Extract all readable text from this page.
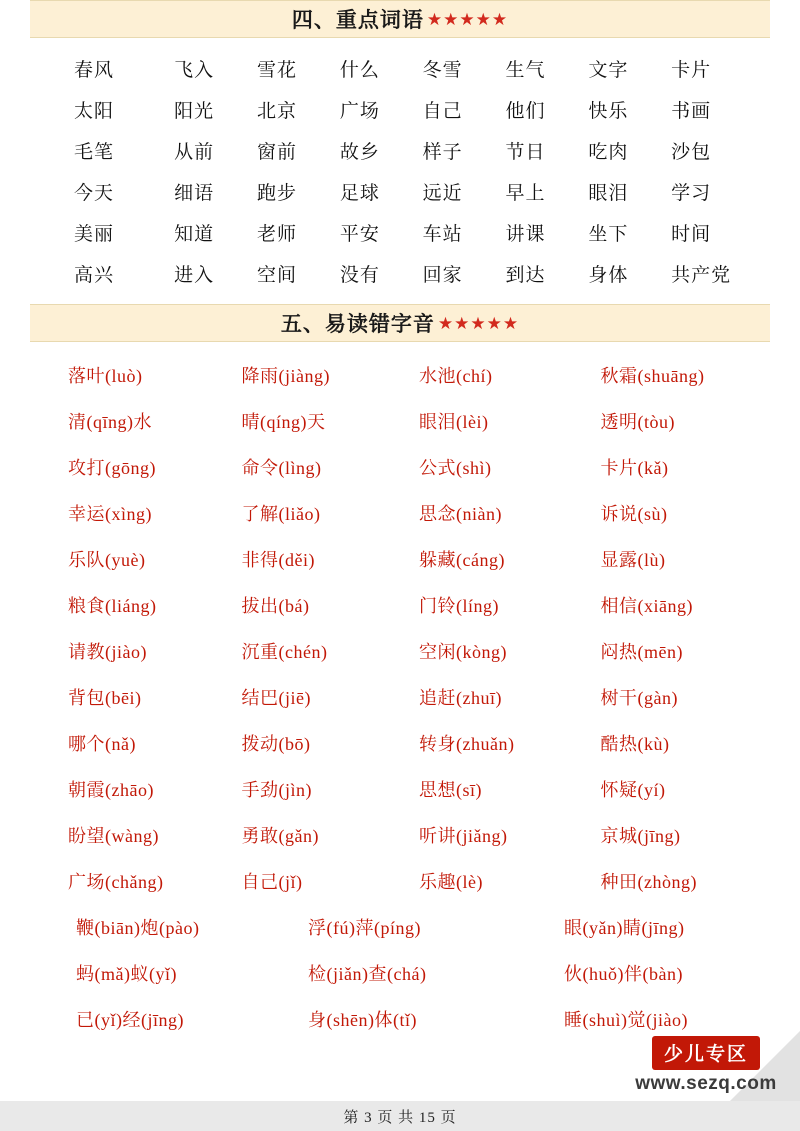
四、重点词语 ★★★★★
春风	飞入	雪花	什么	冬雪	生气	文字	卡片
太阳	阳光	北京	广场	自己	他们	快乐	书画
毛笔	从前	窗前	故乡	样子	节日	吃肉	沙包
今天	细语	跑步	足球	远近	早上	眼泪	学习
美丽	知道	老师	平安	车站	讲课	坐下	时间
高兴	进入	空间	没有	回家	到达	身体	共产党
五、易读错字音 ★★★★★
落叶(luò)	降雨(jiàng)	水池(chí)	秋霜(shuāng)
清(qīng)水	晴(qíng)天	眼泪(lèi)	透明(tòu)
攻打(gōng)	命令(lìng)	公式(shì)	卡片(kǎ)
幸运(xìng)	了解(liǎo)	思念(niàn)	诉说(sù)
乐队(yuè)	非得(děi)	躲藏(cáng)	显露(lù)
粮食(liáng)	拔出(bá)	门铃(líng)	相信(xiāng)
请教(jiào)	沉重(chén)	空闲(kòng)	闷热(mēn)
背包(bēi)	结巴(jiē)	追赶(zhuī)	树干(gàn)
哪个(nǎ)	拨动(bō)	转身(zhuǎn)	酷热(kù)
朝霞(zhāo)	手劲(jìn)	思想(sī)	怀疑(yí)
盼望(wàng)	勇敢(gǎn)	听讲(jiǎng)	京城(jīng)
广场(chǎng)	自己(jǐ)	乐趣(lè)	种田(zhòng)
鞭(biān)炮(pào)	浮(fú)萍(píng)	眼(yǎn)睛(jīng)
蚂(mǎ)蚁(yǐ)	检(jiǎn)查(chá)	伙(huǒ)伴(bàn)
已(yǐ)经(jīng)	身(shēn)体(tǐ)	睡(shuì)觉(jiào)
少儿专区
www.sezq.com
第 3 页 共 15 页
